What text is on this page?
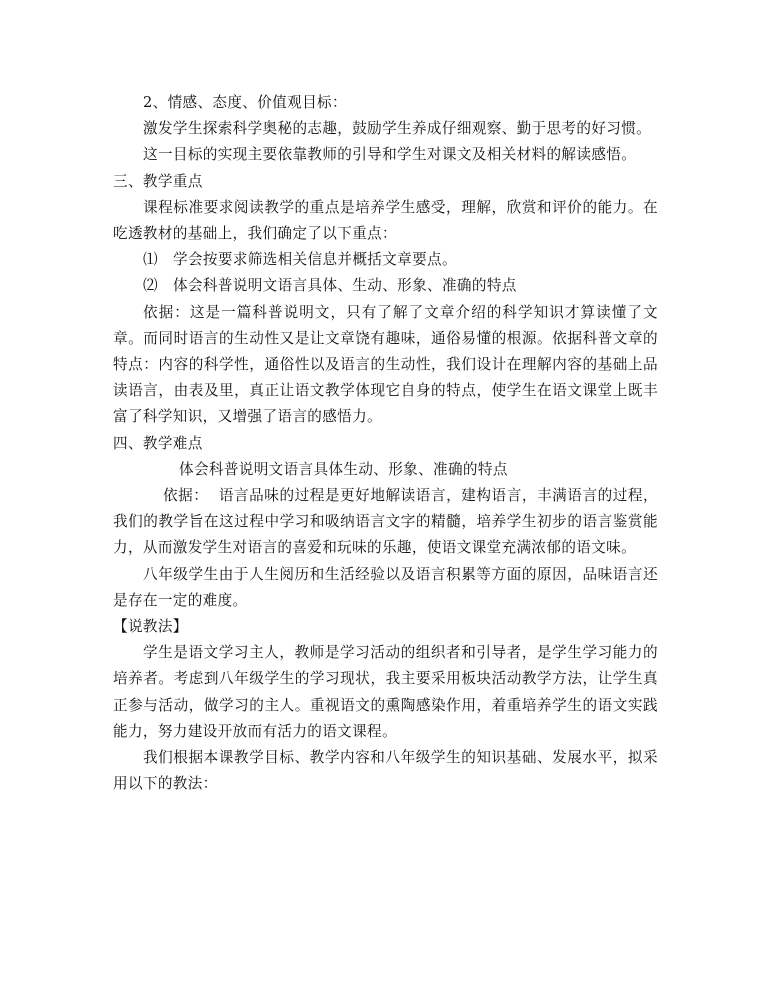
2、情感、态度、价值观目标：

激发学生探索科学奥秘的志趣，鼓励学生养成仔细观察、勤于思考的好习惯。

这一目标的实现主要依靠教师的引导和学生对课文及相关材料的解读感悟。

三、教学重点

课程标准要求阅读教学的重点是培养学生感受，理解，欣赏和评价的能力。在吃透教材的基础上，我们确定了以下重点：

⑴	学会按要求筛选相关信息并概括文章要点。
⑵	体会科普说明文语言具体、生动、形象、准确的特点

依据：这是一篇科普说明文，只有了解了文章介绍的科学知识才算读懂了文章。而同时语言的生动性又是让文章饶有趣味，通俗易懂的根源。依据科普文章的特点：内容的科学性，通俗性以及语言的生动性，我们设计在理解内容的基础上品读语言，由表及里，真正让语文教学体现它自身的特点，使学生在语文课堂上既丰富了科学知识，又增强了语言的感悟力。

四、教学难点

体会科普说明文语言具体生动、形象、准确的特点

依据：  语言品味的过程是更好地解读语言，建构语言，丰满语言的过程，我们的教学旨在这过程中学习和吸纳语言文字的精髓，培养学生初步的语言鉴赏能力，从而激发学生对语言的喜爱和玩味的乐趣，使语文课堂充满浓郁的语文味。

八年级学生由于人生阅历和生活经验以及语言积累等方面的原因，品味语言还是存在一定的难度。

【说教法】

学生是语文学习主人，教师是学习活动的组织者和引导者，是学生学习能力的培养者。考虑到八年级学生的学习现状，我主要采用板块活动教学方法，让学生真正参与活动，做学习的主人。重视语文的熏陶感染作用，着重培养学生的语文实践能力，努力建设开放而有活力的语文课程。

我们根据本课教学目标、教学内容和八年级学生的知识基础、发展水平，拟采用以下的教法：
